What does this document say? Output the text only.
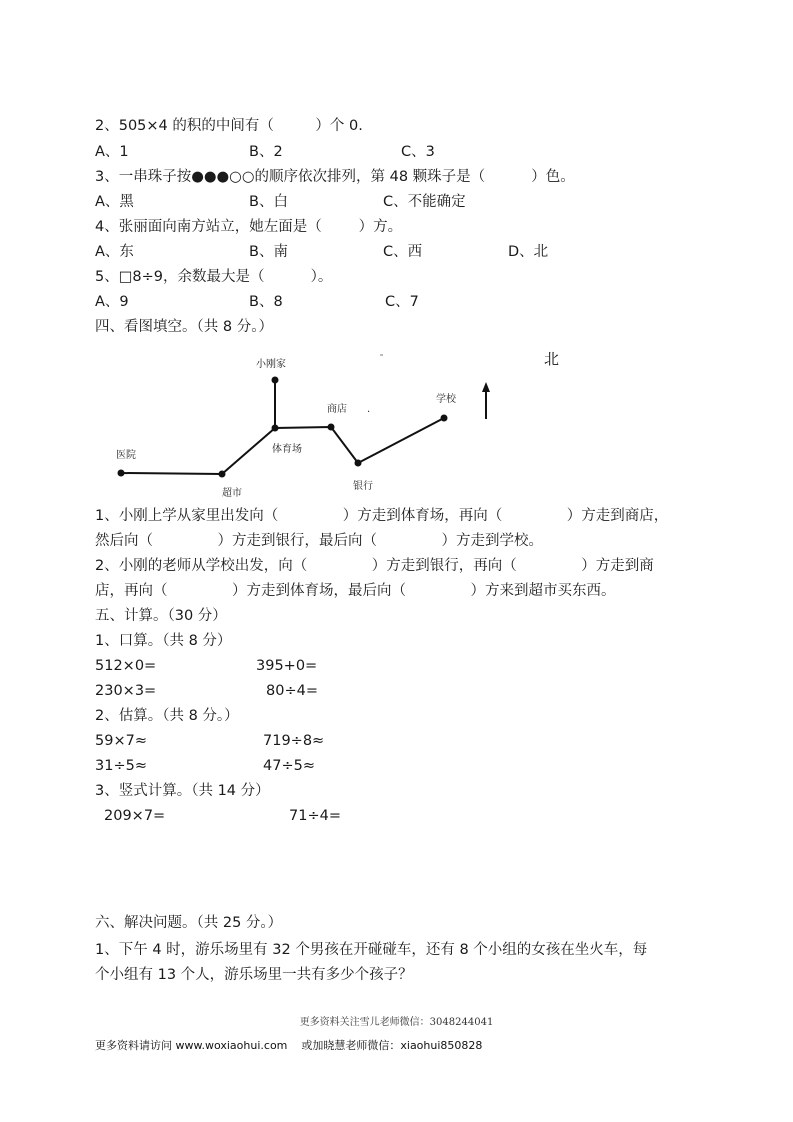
2、505×4 的积的中间有（         ）个 0.
A、1	B、2	C、3
3、一串珠子按●●●○○的顺序依次排列，第 48 颗珠子是（          ）色。
A、黑	B、白	C、不能确定
4、张丽面向南方站立，她左面是（        ）方。
A、东	B、南	C、西	D、北
5、□8÷9，余数最大是（          ）。
A、9	B、8	C、7
四、看图填空。（共 8 分。）
小刚家
医院
超市
体育场
商店 .
银行
学校
北
1、小刚上学从家里出发向（              ）方走到体育场，再向（              ）方走到商店，
然后向（              ）方走到银行，最后向（              ）方走到学校。
2、小刚的老师从学校出发，向（              ）方走到银行，再向（              ）方走到商
店，再向（              ）方走到体育场，最后向（              ）方来到超市买东西。
五、计算。（30 分）
1、口算。（共 8 分）
512×0=	395+0=
230×3=	80÷4=
2、估算。（共 8 分。）
59×7≈	719÷8≈
31÷5≈	47÷5≈
3、竖式计算。（共 14 分）
209×7=	71÷4=
六、解决问题。（共 25 分。）
1、下午 4 时，游乐场里有 32 个男孩在开碰碰车，还有 8 个小组的女孩在坐火车，每
个小组有 13 个人，游乐场里一共有多少个孩子？
更多资料关注雪儿老师微信：3048244041
更多资料请访问 www.woxiaohui.com    或加晓慧老师微信：xiaohui850828
